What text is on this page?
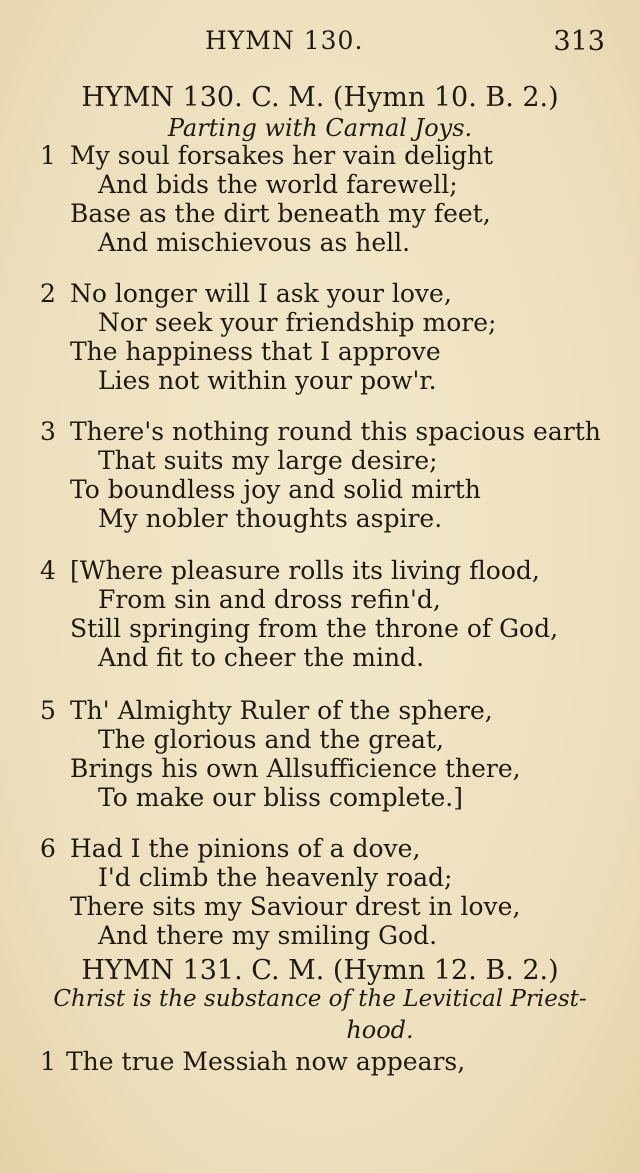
HYMN 130.	313
HYMN 130. C. M. (Hymn 10. B. 2.)
Parting with Carnal Joys.
1 My soul forsakes her vain delight
And bids the world farewell;
Base as the dirt beneath my feet,
And mischievous as hell.
2 No longer will I ask your love,
Nor seek your friendship more;
The happiness that I approve
Lies not within your pow'r.
3 There's nothing round this spacious earth
That suits my large desire;
To boundless joy and solid mirth
My nobler thoughts aspire.
4 [Where pleasure rolls its living flood,
From sin and dross refin'd,
Still springing from the throne of God,
And fit to cheer the mind.
5 Th' Almighty Ruler of the sphere,
The glorious and the great,
Brings his own Allsufficience there,
To make our bliss complete.]
6 Had I the pinions of a dove,
I'd climb the heavenly road;
There sits my Saviour drest in love,
And there my smiling God.
HYMN 131. C. M. (Hymn 12. B. 2.)
Christ is the substance of the Levitical Priest-
hood.
1 The true Messiah now appears,
